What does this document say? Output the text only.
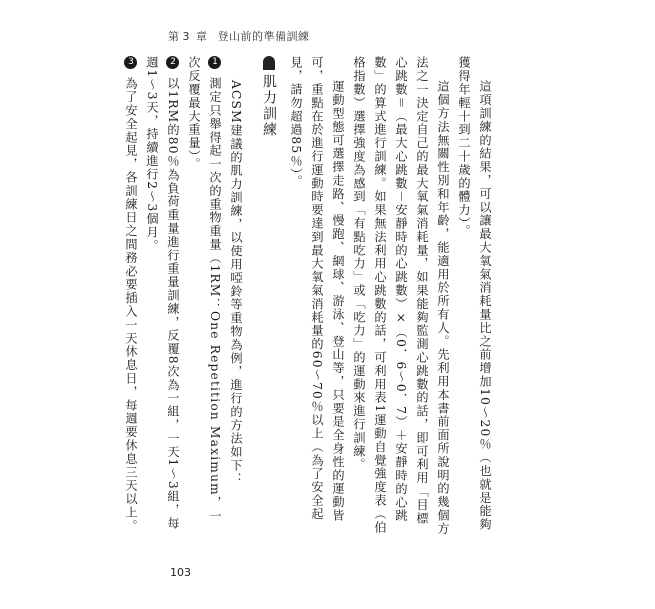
第 3 章 登山前的準備訓練

這項訓練的結果，可以讓最大氧氣消耗量比之前增加10～20％（也就是能夠獲得年輕十到二十歲的體力）。

這個方法無關性別和年齡，能適用於所有人。先利用本書前面所說明的幾個方法之一決定自己的最大氧氣消耗量，如果能夠監測心跳數的話，即可利用「目標心跳數＝（最大心跳數－安靜時的心跳數）×（0．6～0．7）＋安靜時的心跳數」的算式進行訓練。如果無法利用心跳數的話，可利用表1運動自覺強度表（伯格指數）選擇強度為感到「有點吃力」或「吃力」的運動來進行訓練。

運動型態可選擇走路、慢跑、網球、游泳、登山等，只要是全身性的運動皆可，重點在於進行運動時要達到最大氧氣消耗量的60～70％以上（為了安全起見，請勿超過85％）。

肌力訓練

ACSM建議的肌力訓練，以使用啞鈴等重物為例，進行的方法如下：

1測定只舉得起一次的重物重量（1RM：One Repetition Maximum，一次反覆最大重量）。

2以1RM的80％為負荷重量進行重量訓練，反覆8次為一組，一天1～3組，每週1～3天，持續進行2～3個月。

3為了安全起見，各訓練日之間務必要插入一天休息日，每週要休息三天以上。

103
